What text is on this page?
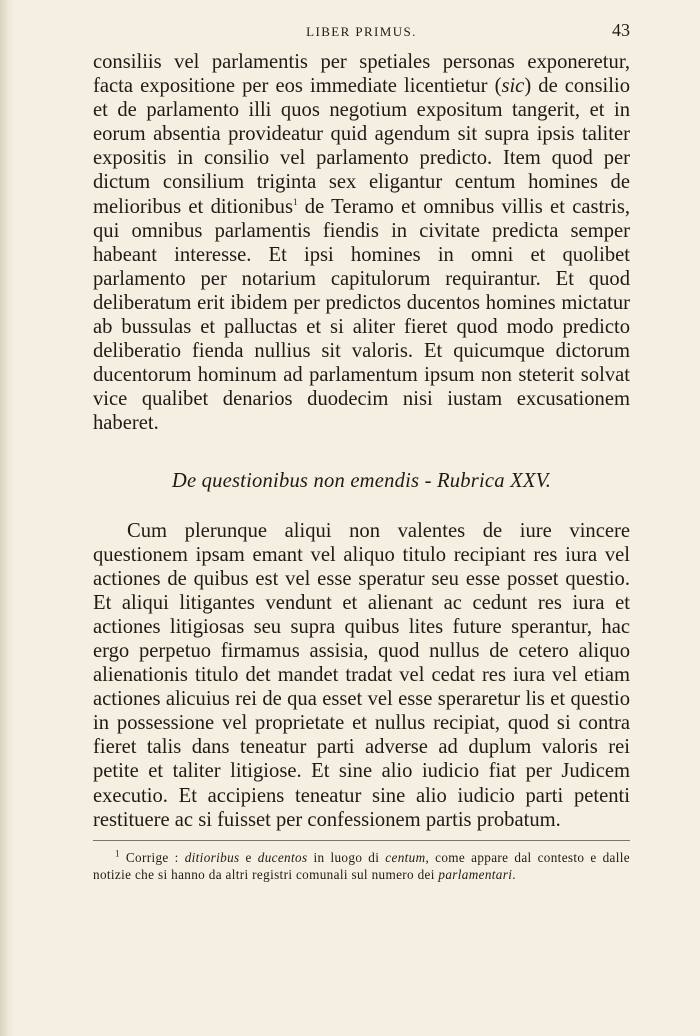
LIBER PRIMUS.	43

consiliis vel parlamentis per spetiales personas exponeretur, facta expositione per eos immediate licentietur (sic) de consilio et de parlamento illi quos negotium expositum tangerit, et in eorum absentia provideatur quid agendum sit supra ipsis taliter expositis in consilio vel parlamento predicto. Item quod per dictum consilium triginta sex eligantur centum homines de melioribus et ditionibus$^1$ de Teramo et omnibus villis et castris, qui omnibus parlamentis fiendis in civitate predicta semper habeant interesse. Et ipsi homines in omni et quolibet parlamento per notarium capitulorum requirantur. Et quod deliberatum erit ibidem per predictos ducentos homines mictatur ab bussulas et palluctas et si aliter fieret quod modo predicto deliberatio fienda nullius sit valoris. Et quicumque dictorum ducentorum hominum ad parlamentum ipsum non steterit solvat vice qualibet denarios duodecim nisi iustam excusationem haberet.

De questionibus non emendis - Rubrica XXV.

Cum plerunque aliqui non valentes de iure vincere questionem ipsam emant vel aliquo titulo recipiant res iura vel actiones de quibus est vel esse speratur seu esse posset questio. Et aliqui litigantes vendunt et alienant ac cedunt res iura et actiones litigiosas seu supra quibus lites future sperantur, hac ergo perpetuo firmamus assisia, quod nullus de cetero aliquo alienationis titulo det mandet tradat vel cedat res iura vel etiam actiones alicuius rei de qua esset vel esse speraretur lis et questio in possessione vel proprietate et nullus recipiat, quod si contra fieret talis dans teneatur parti adverse ad duplum valoris rei petite et taliter litigiose. Et sine alio iudicio fiat per Judicem executio. Et accipiens teneatur sine alio iudicio parti petenti restituere ac si fuisset per confessionem partis probatum.

$^1$ Corrige : ditioribus e ducentos in luogo di centum, come appare dal contesto e dalle notizie che si hanno da altri registri comunali sul numero dei parlamentari.
